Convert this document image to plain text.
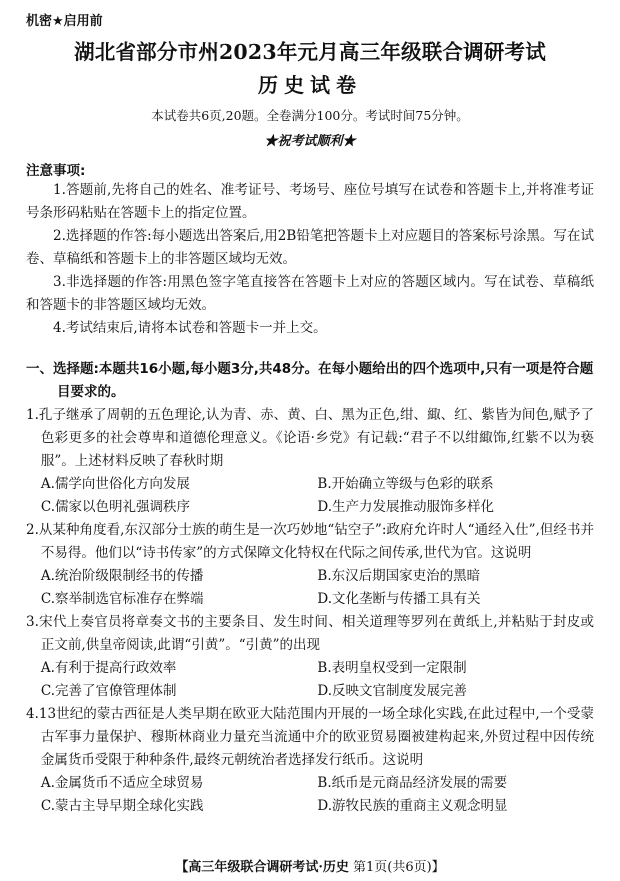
机密★启用前
湖北省部分市州2023年元月高三年级联合调研考试
历史试卷
本试卷共6页,20题。全卷满分100分。考试时间75分钟。
★祝考试顺利★
注意事项:
1.答题前,先将自己的姓名、准考证号、考场号、座位号填写在试卷和答题卡上,并将准考证号条形码粘贴在答题卡上的指定位置。
2.选择题的作答:每小题选出答案后,用2B铅笔把答题卡上对应题目的答案标号涂黑。写在试卷、草稿纸和答题卡上的非答题区域均无效。
3.非选择题的作答:用黑色签字笔直接答在答题卡上对应的答题区域内。写在试卷、草稿纸和答题卡的非答题区域均无效。
4.考试结束后,请将本试卷和答题卡一并上交。
一、选择题:本题共16小题,每小题3分,共48分。在每小题给出的四个选项中,只有一项是符合题目要求的。
1.孔子继承了周朝的五色理论,认为青、赤、黄、白、黑为正色,绀、緅、红、紫皆为间色,赋予了色彩更多的社会尊卑和道德伦理意义。《论语·乡党》有记载:“君子不以绀緅饰,红紫不以为亵服”。上述材料反映了春秋时期
A.儒学向世俗化方向发展	B.开始确立等级与色彩的联系
C.儒家以色明礼强调秩序	D.生产力发展推动服饰多样化
2.从某种角度看,东汉部分士族的萌生是一次巧妙地“钻空子”:政府允许时人“通经入仕”,但经书并不易得。他们以“诗书传家”的方式保障文化特权在代际之间传承,世代为官。这说明
A.统治阶级限制经书的传播	B.东汉后期国家吏治的黑暗
C.察举制选官标准存在弊端	D.文化垄断与传播工具有关
3.宋代上奏官员将章奏文书的主要条目、发生时间、相关道理等罗列在黄纸上,并粘贴于封皮或正文前,供皇帝阅读,此谓“引黄”。“引黄”的出现
A.有利于提高行政效率	B.表明皇权受到一定限制
C.完善了官僚管理体制	D.反映文官制度发展完善
4.13世纪的蒙古西征是人类早期在欧亚大陆范围内开展的一场全球化实践,在此过程中,一个受蒙古军事力量保护、穆斯林商业力量充当流通中介的欧亚贸易圈被建构起来,外贸过程中因传统金属货币受限于种种条件,最终元朝统治者选择发行纸币。这说明
A.金属货币不适应全球贸易	B.纸币是元商品经济发展的需要
C.蒙古主导早期全球化实践	D.游牧民族的重商主义观念明显
【高三年级联合调研考试·历史 第1页(共6页)】
